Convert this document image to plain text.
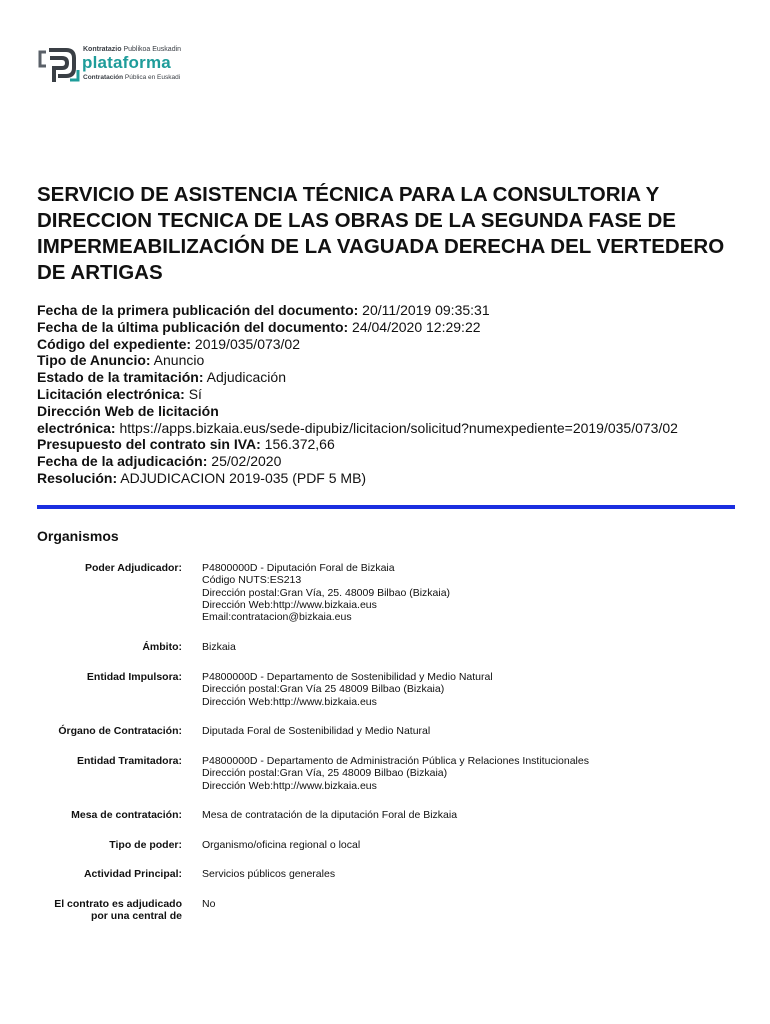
Kontratazio Publikoa Euskadin
plataforma
Contratación Pública en Euskadi
SERVICIO DE ASISTENCIA TÉCNICA PARA LA CONSULTORIA Y DIRECCION TECNICA DE LAS OBRAS DE LA SEGUNDA FASE DE IMPERMEABILIZACIÓN DE LA VAGUADA DERECHA DEL VERTEDERO DE ARTIGAS
Fecha de la primera publicación del documento: 20/11/2019 09:35:31
Fecha de la última publicación del documento: 24/04/2020 12:29:22
Código del expediente: 2019/035/073/02
Tipo de Anuncio: Anuncio
Estado de la tramitación: Adjudicación
Licitación electrónica: Sí
Dirección Web de licitación
electrónica: https://apps.bizkaia.eus/sede-dipubiz/licitacion/solicitud?numexpediente=2019/035/073/02
Presupuesto del contrato sin IVA: 156.372,66
Fecha de la adjudicación: 25/02/2020
Resolución: ADJUDICACION 2019-035 (PDF 5 MB)
Organismos
Poder Adjudicador: P4800000D - Diputación Foral de Bizkaia
Código NUTS:ES213
Dirección postal:Gran Vía, 25. 48009 Bilbao (Bizkaia)
Dirección Web:http://www.bizkaia.eus
Email:contratacion@bizkaia.eus
Ámbito: Bizkaia
Entidad Impulsora: P4800000D - Departamento de Sostenibilidad y Medio Natural
Dirección postal:Gran Vía 25 48009 Bilbao (Bizkaia)
Dirección Web:http://www.bizkaia.eus
Órgano de Contratación: Diputada Foral de Sostenibilidad y Medio Natural
Entidad Tramitadora: P4800000D - Departamento de Administración Pública y Relaciones Institucionales
Dirección postal:Gran Vía, 25 48009 Bilbao (Bizkaia)
Dirección Web:http://www.bizkaia.eus
Mesa de contratación: Mesa de contratación de la diputación Foral de Bizkaia
Tipo de poder: Organismo/oficina regional o local
Actividad Principal: Servicios públicos generales
El contrato es adjudicado
por una central de
No
